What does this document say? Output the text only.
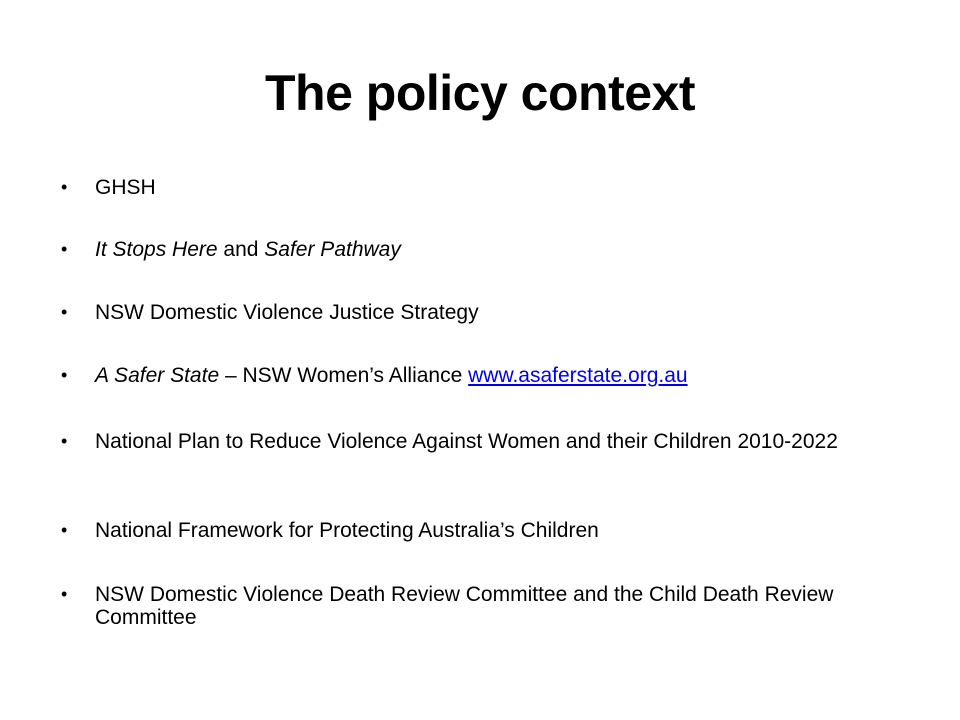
The policy context
• GHSH
• It Stops Here and Safer Pathway
• NSW Domestic Violence Justice Strategy
• A Safer State – NSW Women’s Alliance www.asaferstate.org.au
• National Plan to Reduce Violence Against Women and their Children 2010-2022
• National Framework for Protecting Australia’s Children
• NSW Domestic Violence Death Review Committee and the Child Death Review Committee
